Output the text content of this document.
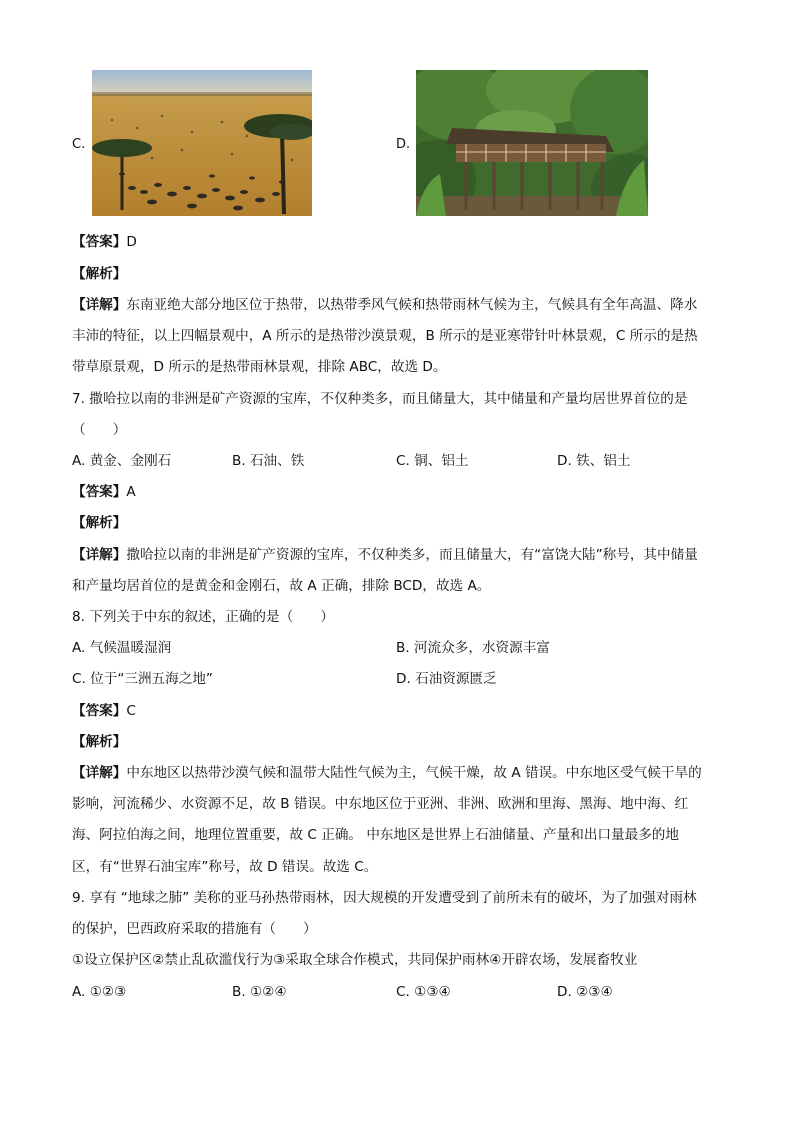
C.	D.
【答案】D
【解析】
【详解】东南亚绝大部分地区位于热带，以热带季风气候和热带雨林气候为主，气候具有全年高温、降水
丰沛的特征，以上四幅景观中，A 所示的是热带沙漠景观，B 所示的是亚寒带针叶林景观，C 所示的是热
带草原景观，D 所示的是热带雨林景观，排除 ABC，故选 D。
7. 撒哈拉以南的非洲是矿产资源的宝库，不仅种类多，而且储量大，其中储量和产量均居世界首位的是
（　　）
A. 黄金、金刚石	B. 石油、铁	C. 铜、铝土	D. 铁、铝土
【答案】A
【解析】
【详解】撒哈拉以南的非洲是矿产资源的宝库，不仅种类多，而且储量大，有“富饶大陆”称号，其中储量
和产量均居首位的是黄金和金刚石，故 A 正确，排除 BCD，故选 A。
8. 下列关于中东的叙述，正确的是（　　）
A. 气候温暖湿润	B. 河流众多，水资源丰富
C. 位于“三洲五海之地”	D. 石油资源匮乏
【答案】C
【解析】
【详解】中东地区以热带沙漠气候和温带大陆性气候为主，气候干燥，故 A 错误。中东地区受气候干旱的
影响，河流稀少、水资源不足，故 B 错误。中东地区位于亚洲、非洲、欧洲和里海、黑海、地中海、红
海、阿拉伯海之间，地理位置重要，故 C 正确。 中东地区是世界上石油储量、产量和出口量最多的地
区，有“世界石油宝库”称号，故 D 错误。故选 C。
9. 享有 “地球之肺” 美称的亚马孙热带雨林，因大规模的开发遭受到了前所未有的破坏，为了加强对雨林
的保护，巴西政府采取的措施有（　　）
①设立保护区②禁止乱砍滥伐行为③采取全球合作模式，共同保护雨林④开辟农场，发展畜牧业
A. ①②③	B. ①②④	C. ①③④	D. ②③④
